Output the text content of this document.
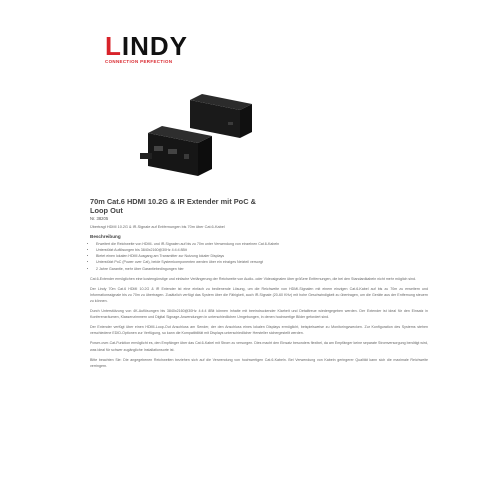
LINDY
CONNECTION PERFECTION
70m Cat.6 HDMI 10.2G & IR Extender mit PoC &
Loop Out
Nr. 38205
Übertragt HDMI 10.2G & IR-Signale auf Entfernungen bis 70m über Cat.6-Kabel
Beschreibung
• Erweitert die Reichweite von HDMI- und IR-Signalen auf bis zu 70m unter Verwendung von einzelnen Cat.6-Kabeln
• Unterstützt Auflösungen bis 3840x2160@30Hz 4:4:4 8Bit
• Bietet einen lokalen HDMI Ausgang am Transmitter zur Nutzung lokaler Displays
• Unterstützt PoC (Power over Cat), beide Systemkomponenten werden über ein einziges Netzteil versorgt
• 2 Jahre Garantie, mehr über Garantiebedingungen hier

Cat.6-Extender ermöglichen eine kostengünstige und einfache Verlängerung der Reichweite von Audio- oder Videosignalen über größere Entfernungen, die bei den Standardkabeln nicht mehr möglich sind.

Der Lindy 70m Cat.6 HDMI 10.2G & IR Extender ist eine einfach zu bedienende Lösung, um die Reichweite von HDMI-Signalen mit einem einzigen Cat.6-Kabel auf bis zu 70m zu erweitern und Informationssignale bis zu 70m zu übertragen. Zusätzlich verfügt das System über die Fähigkeit, auch IR-Signale (20-60 KHz) mit hohe Geschwindigkeit zu übertragen, um die Geräte aus der Entfernung steuern zu können.

Durch Unterstützung von 4K-Auflösungen bis 3840x2160@30Hz 4:4:4 8Bit können Inhalte mit beeindruckender Klarheit und Detailtreue wiedergegeben werden. Der Extender ist ideal für den Einsatz in Konferenzräumen, Klassenzimmern und Digital Signage-Anwendungen in unterschiedlichen Umgebungen, in denen hochwertige Bilder gefordert sind.

Der Extender verfügt über einen HDMI-Loop-Out Anschluss am Sender, der den Anschluss eines lokalen Displays ermöglicht, beispielsweise zu Monitoringzwecken. Zur Konfiguration des Systems stehen verschiedene EDID-Optionen zur Verfügung, so kann die Kompatibilität mit Displays unterschiedlicher Hersteller sichergestellt werden.

Power-over-Cat-Funktion ermöglicht es, den Empfänger über das Cat.6-Kabel mit Strom zu versorgen. Dies macht den Einsatz besonders flexibel, da am Empfänger keine separate Stromversorgung benötigt wird, was ideal für schwer zugängliche Installationsorte ist.

Bitte beachten Sie: Die angegebenen Reichweiten beziehen sich auf die Verwendung von hochwertigen Cat.6-Kabeln. Bei Verwendung von Kabeln geringerer Qualität kann sich die maximale Reichweite verringern.
